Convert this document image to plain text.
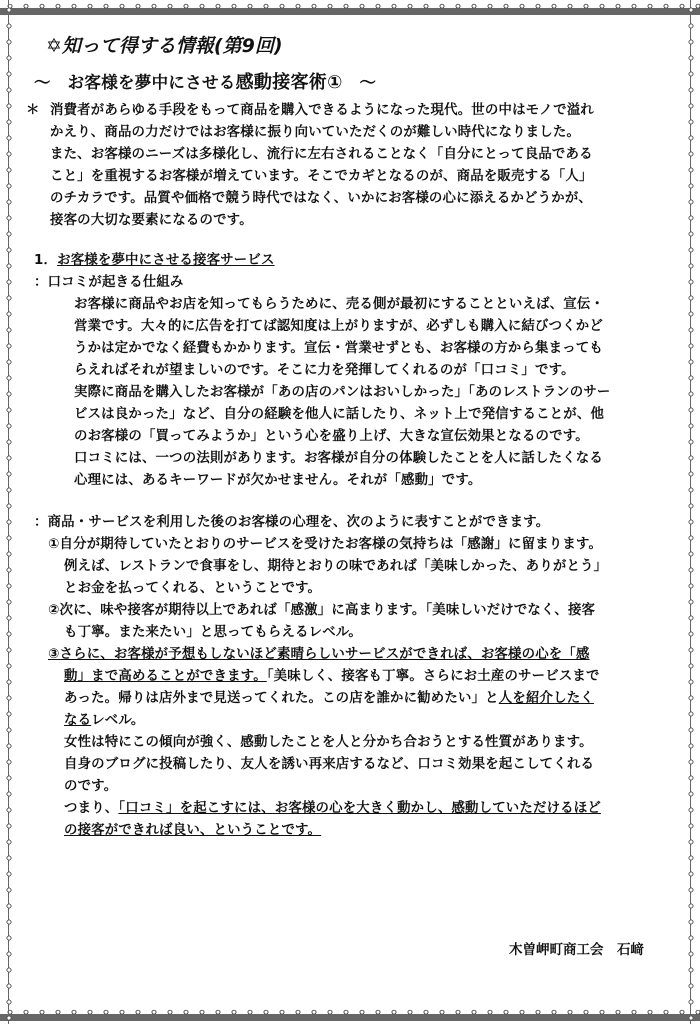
✡知って得する情報(第9回)
～　お客様を夢中にさせる感動接客術①　 ～
＊ 消費者があらゆる手段をもって商品を購入できるようになった現代。世の中はモノで溢れ
かえり、商品の力だけではお客様に振り向いていただくのが難しい時代になりました。
また、お客様のニーズは多様化し、流行に左右されることなく「自分にとって良品である
こと」を重視するお客様が増えています。そこでカギとなるのが、商品を販売する「人」
のチカラです。品質や価格で競う時代ではなく、いかにお客様の心に添えるかどうかが、
接客の大切な要素になるのです。
1．お客様を夢中にさせる接客サービス
：口コミが起きる仕組み
お客様に商品やお店を知ってもらうために、売る側が最初にすることといえば、宣伝・
営業です。大々的に広告を打てば認知度は上がりますが、必ずしも購入に結びつくかど
うかは定かでなく経費もかかります。宣伝・営業せずとも、お客様の方から集まっても
らえればそれが望ましいのです。そこに力を発揮してくれるのが「口コミ」です。
実際に商品を購入したお客様が「あの店のパンはおいしかった」「あのレストランのサー
ビスは良かった」など、自分の経験を他人に話したり、ネット上で発信することが、他
のお客様の「買ってみようか」という心を盛り上げ、大きな宣伝効果となるのです。
口コミには、一つの法則があります。お客様が自分の体験したことを人に話したくなる
心理には、あるキーワードが欠かせません。それが「感動」です。
：商品・サービスを利用した後のお客様の心理を、次のように表すことができます。
①自分が期待していたとおりのサービスを受けたお客様の気持ちは「感謝」に留まります。
例えば、レストランで食事をし、期待とおりの味であれば「美味しかった、ありがとう」
とお金を払ってくれる、ということです。
②次に、味や接客が期待以上であれば「感激」に高まります。「美味しいだけでなく、接客
も丁寧。また来たい」と思ってもらえるレベル。
③さらに、お客様が予想もしないほど素晴らしいサービスができれば、お客様の心を「感
動」まで高めることができます。「美味しく、接客も丁寧。さらにお土産のサービスまで
あった。帰りは店外まで見送ってくれた。この店を誰かに勧めたい」と人を紹介したく
なるレベル。
女性は特にこの傾向が強く、感動したことを人と分かち合おうとする性質があります。
自身のブログに投稿したり、友人を誘い再来店するなど、口コミ効果を起こしてくれる
のです。
つまり、「口コミ」を起こすには、お客様の心を大きく動かし、感動していただけるほど
の接客ができれば良い、ということです。
木曽岬町商工会　石﨑
